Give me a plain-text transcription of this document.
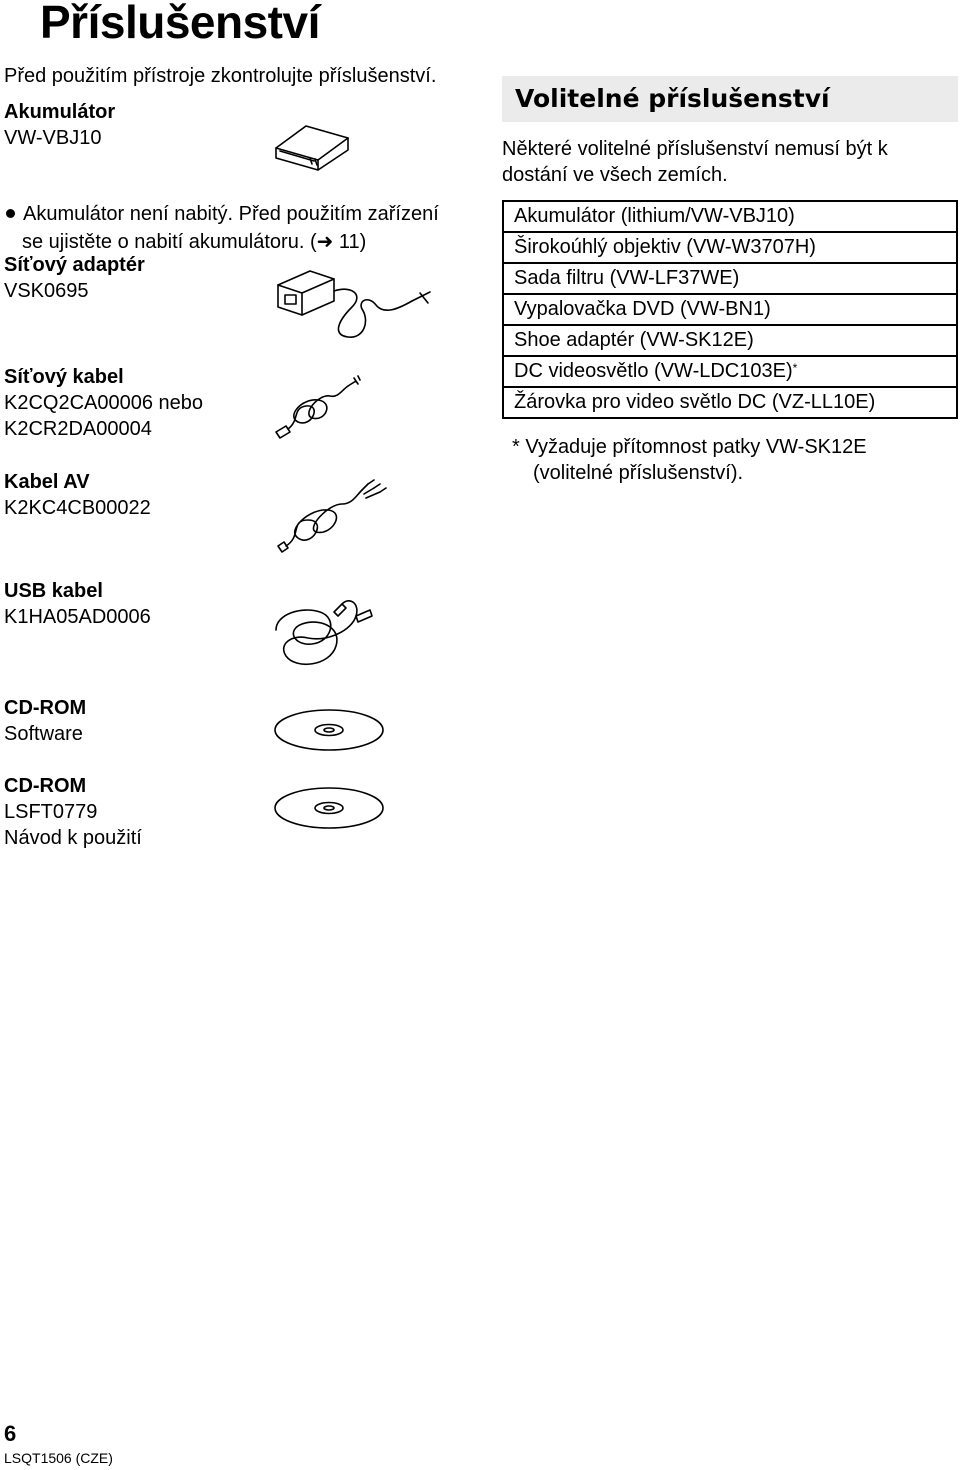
Příslušenství
Před použitím přístroje zkontrolujte příslušenství.
Akumulátor
VW-VBJ10
Akumulátor není nabitý. Před použitím zařízení
se ujistěte o nabití akumulátoru. (➜ 11)
Síťový adaptér
VSK0695
Síťový kabel
K2CQ2CA00006 nebo
K2CR2DA00004
Kabel AV
K2KC4CB00022
USB kabel
K1HA05AD0006
CD-ROM
Software
CD-ROM
LSFT0779
Návod k použití
Volitelné příslušenství
Některé volitelné příslušenství nemusí být k
dostání ve všech zemích.
Akumulátor (lithium/VW-VBJ10)
Širokoúhlý objektiv (VW-W3707H)
Sada filtru (VW-LF37WE)
Vypalovačka DVD (VW-BN1)
Shoe adaptér (VW-SK12E)
DC videosvětlo (VW-LDC103E)*
Žárovka pro video světlo DC (VZ-LL10E)
* Vyžaduje přítomnost patky VW-SK12E
(volitelné příslušenství).
6
LSQT1506 (CZE)
